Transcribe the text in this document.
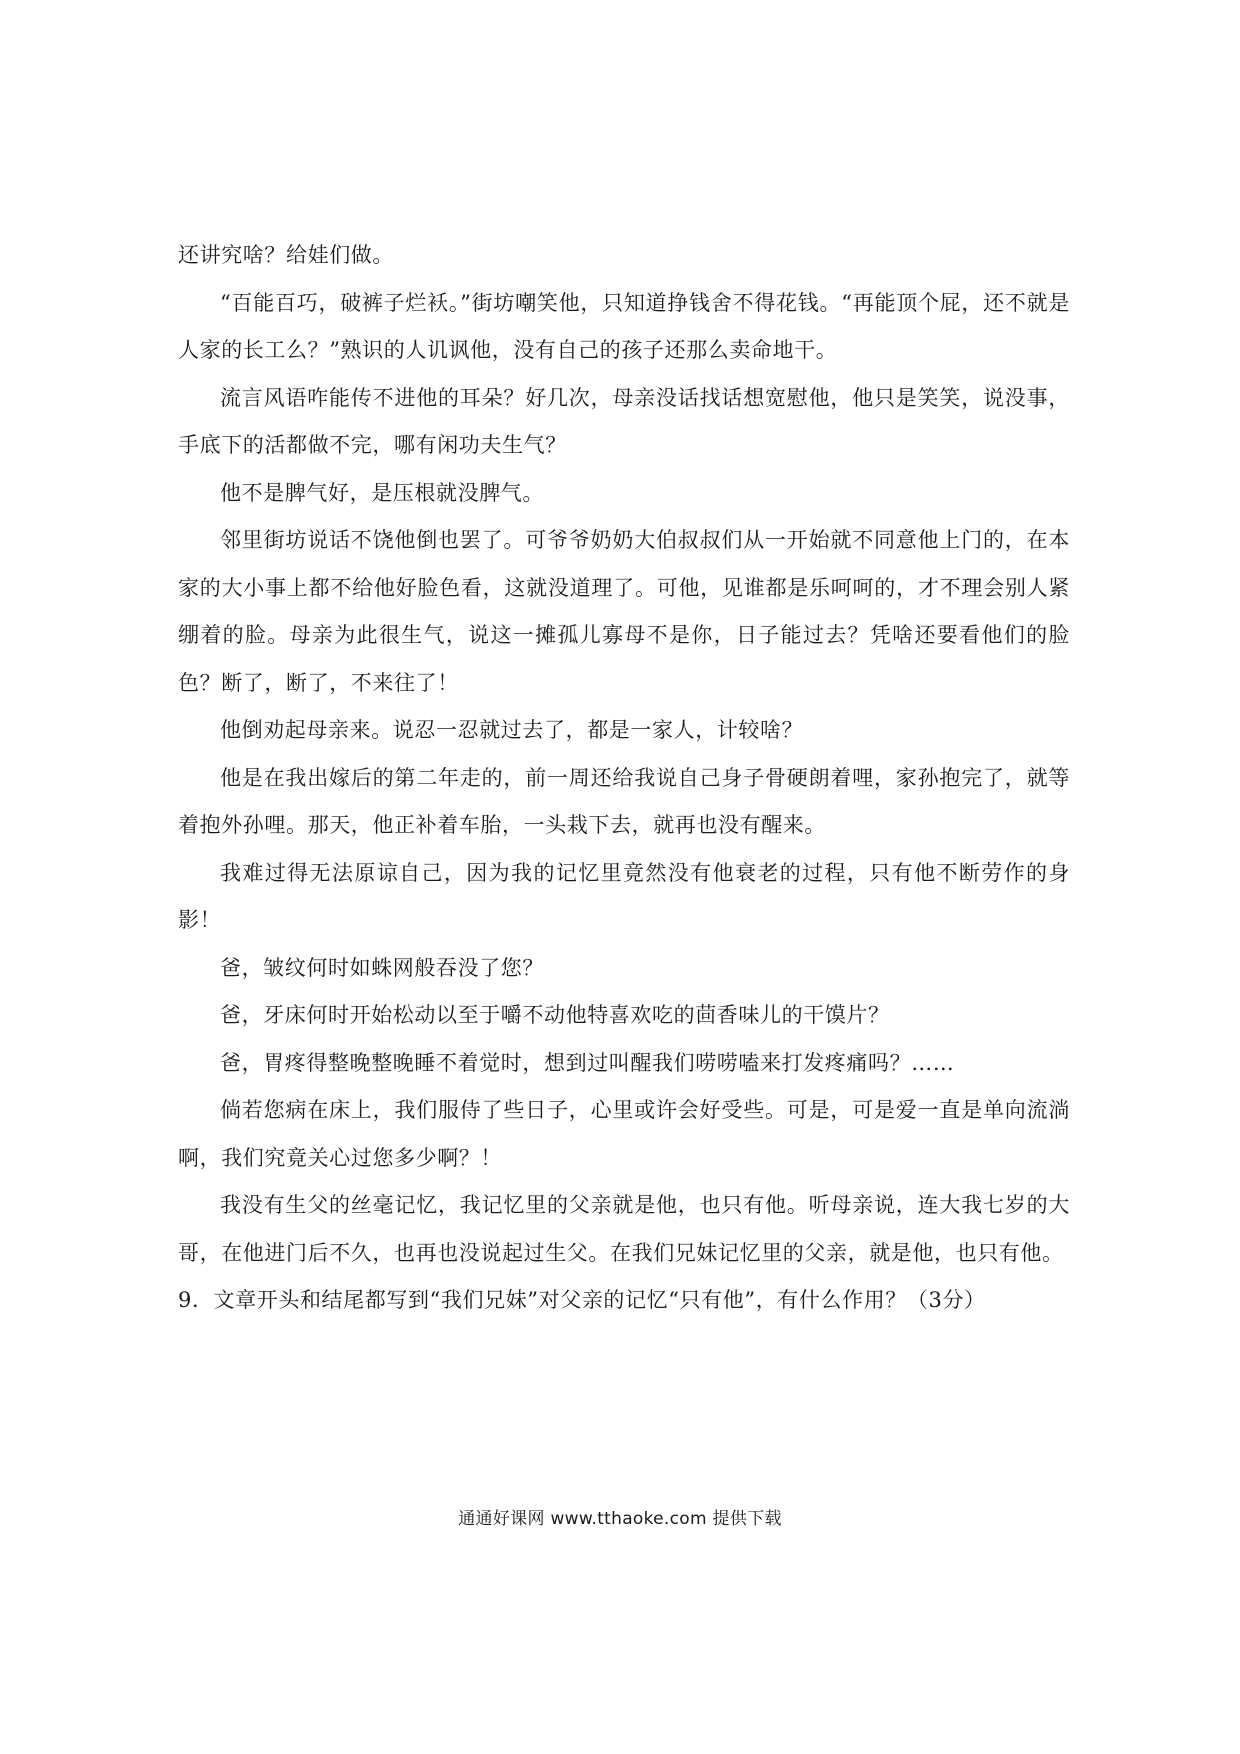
还讲究啥？给娃们做。

“百能百巧，破裤子烂袄。”街坊嘲笑他，只知道挣钱舍不得花钱。“再能顶个屁，还不就是人家的长工么？”熟识的人讥讽他，没有自己的孩子还那么卖命地干。

流言风语咋能传不进他的耳朵？好几次，母亲没话找话想宽慰他，他只是笑笑，说没事，手底下的活都做不完，哪有闲功夫生气？

他不是脾气好，是压根就没脾气。

邻里街坊说话不饶他倒也罢了。可爷爷奶奶大伯叔叔们从一开始就不同意他上门的，在本家的大小事上都不给他好脸色看，这就没道理了。可他，见谁都是乐呵呵的，才不理会别人紧绷着的脸。母亲为此很生气，说这一摊孤儿寡母不是你，日子能过去？凭啥还要看他们的脸色？断了，断了，不来往了！

他倒劝起母亲来。说忍一忍就过去了，都是一家人，计较啥？

他是在我出嫁后的第二年走的，前一周还给我说自己身子骨硬朗着哩，家孙抱完了，就等着抱外孙哩。那天，他正补着车胎，一头栽下去，就再也没有醒来。

我难过得无法原谅自己，因为我的记忆里竟然没有他衰老的过程，只有他不断劳作的身影！

爸，皱纹何时如蛛网般吞没了您？

爸，牙床何时开始松动以至于嚼不动他特喜欢吃的茴香味儿的干馍片？

爸，胃疼得整晚整晚睡不着觉时，想到过叫醒我们唠唠嗑来打发疼痛吗？……

倘若您病在床上，我们服侍了些日子，心里或许会好受些。可是，可是爱一直是单向流淌啊，我们究竟关心过您多少啊？！

我没有生父的丝毫记忆，我记忆里的父亲就是他，也只有他。听母亲说，连大我七岁的大哥，在他进门后不久，也再也没说起过生父。在我们兄妹记忆里的父亲，就是他，也只有他。

9．文章开头和结尾都写到“我们兄妹”对父亲的记忆“只有他”，有什么作用？（3分）

通通好课网 www.tthaoke.com 提供下载
